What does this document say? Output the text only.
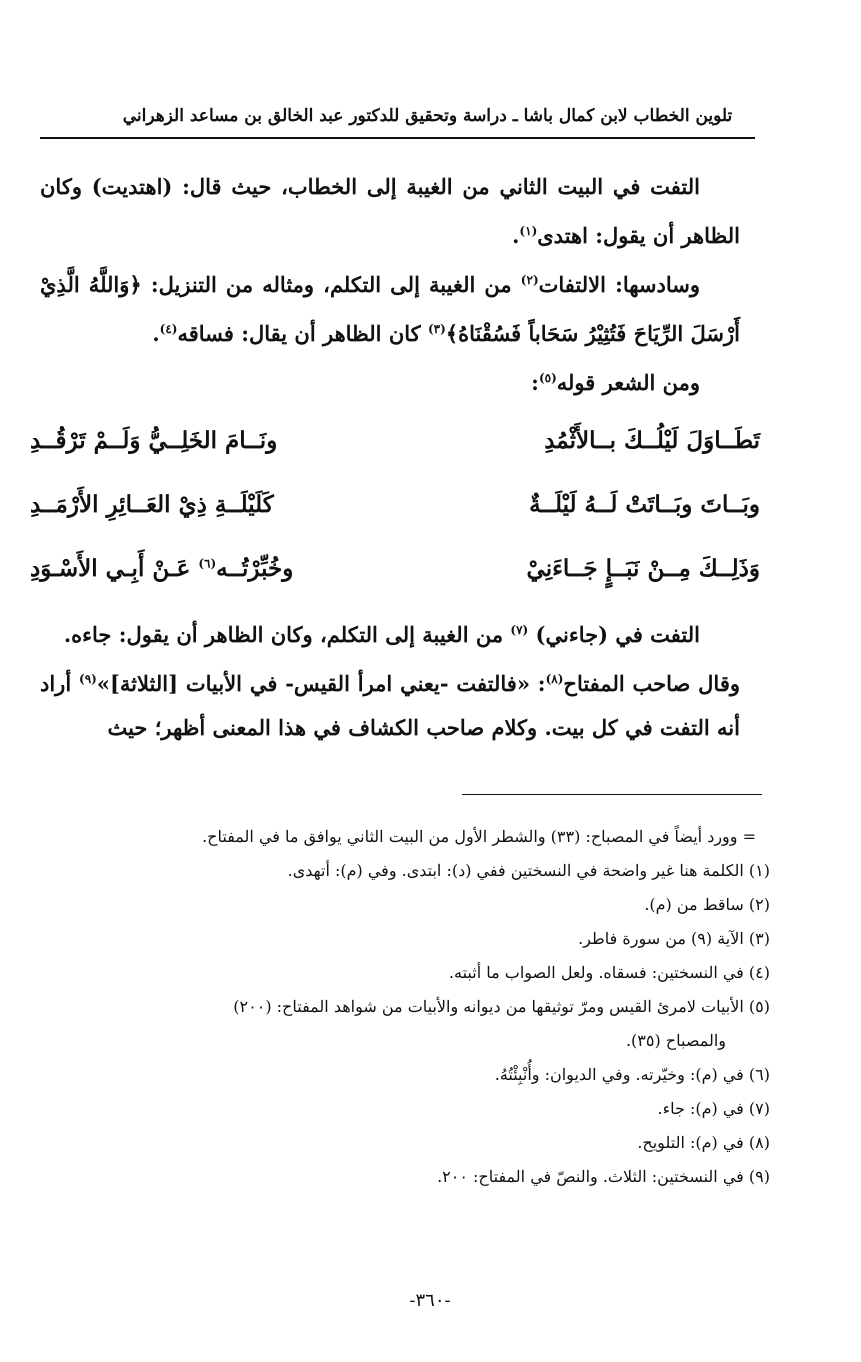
تلوين الخطاب لابن كمال باشا ـ دراسة وتحقيق للدكتور عبد الخالق بن مساعد الزهراني

التفت في البيت الثاني من الغيبة إلى الخطاب، حيث قال: (اهتديت) وكان الظاهر أن يقول: اهتدى$^{(١)}$.

وسادسها: الالتفات$^{(٢)}$ من الغيبة إلى التكلم، ومثاله من التنزيل: ﴿وَاللَّهُ الَّذِيْ أَرْسَلَ الرِّيَاحَ فَتُثِيْرُ سَحَاباً فَسُقْنَاهُ﴾$^{(٣)}$ كان الظاهر أن يقال: فساقه$^{(٤)}$.

ومن الشعر قوله$^{(٥)}$:

تَطَــاوَلَ لَيْلُــكَ بــالأَثْمُدِ
ونَــامَ الخَلِــيُّ وَلَــمْ تَرْقُــدِ
وبَــاتَ وبَــاتَتْ لَــهُ لَيْلَــةٌ
كَلَيْلَــةِ ذِيْ العَــائِرِ الأَرْمَــدِ
وَذَلِــكَ مِــنْ نَبَــإٍ جَــاءَنِيْ
وخُبِّرْتُــه$^{(٦)}$ عَـنْ أَبِـي الأَسْـوَدِ

التفت في (جاءني) $^{(٧)}$ من الغيبة إلى التكلم، وكان الظاهر أن يقول: جاءه.

وقال صاحب المفتاح$^{(٨)}$: «فالتفت -يعني امرأ القيس- في الأبيات [الثلاثة]»$^{(٩)}$ أراد أنه التفت في كل بيت. وكلام صاحب الكشاف في هذا المعنى أظهر؛ حيث

= وورد أيضاً في المصباح: (٣٣) والشطر الأول من البيت الثاني يوافق ما في المفتاح.

(١) الكلمة هنا غير واضحة في النسختين ففي (د): ابتدى. وفي (م): أتهدى.

(٢) ساقط من (م).

(٣) الآية (٩) من سورة فاطر.

(٤) في النسختين: فسقاه. ولعل الصواب ما أثبته.

(٥) الأبيات لامرئ القيس ومرّ توثيقها من ديوانه والأبيات من شواهد المفتاح: (٢٠٠)

والمصباح (٣٥).

(٦) في (م): وخيّرته. وفي الديوان: وأُنْبِئْتُهُ.

(٧) في (م): جاء.

(٨) في (م): التلويح.

(٩) في النسختين: الثلاث. والنصّ في المفتاح: ٢٠٠.

-٣٦٠-
